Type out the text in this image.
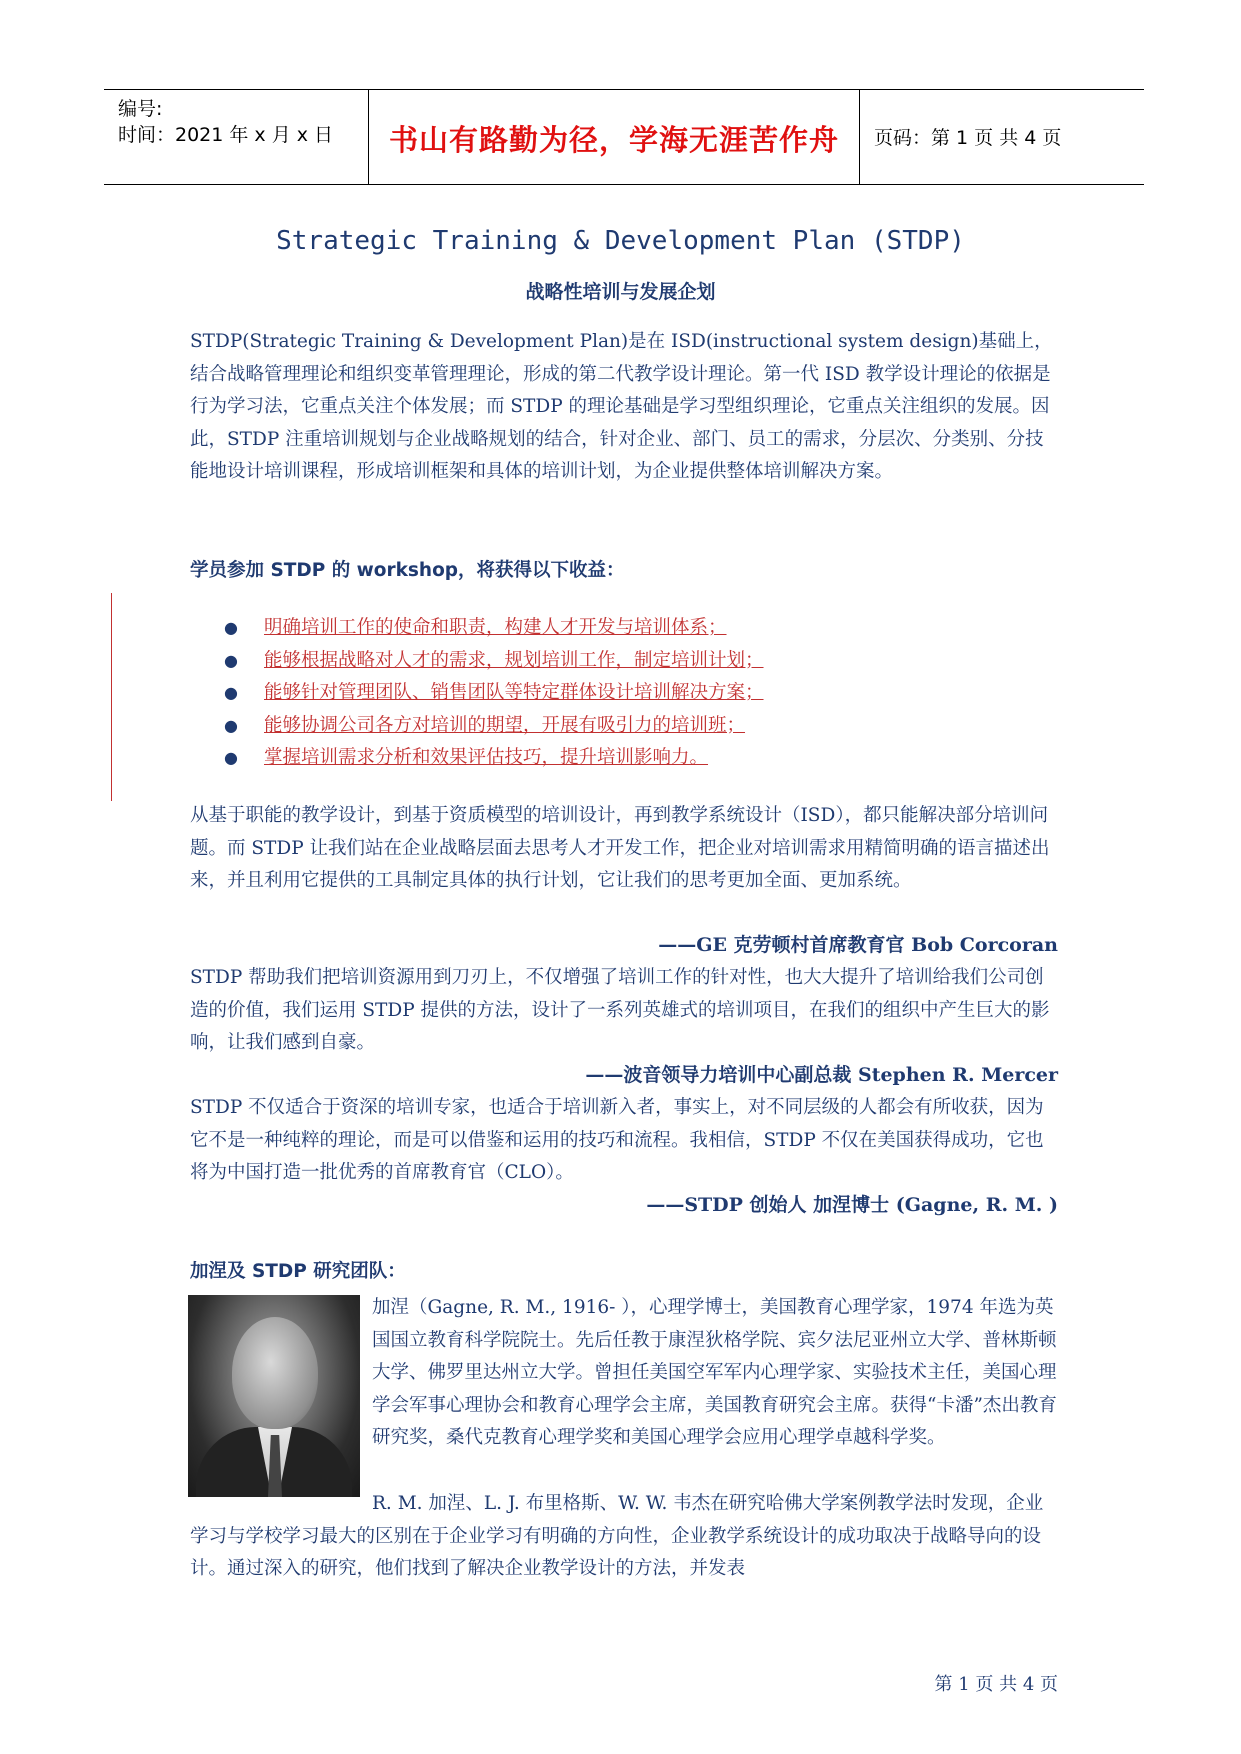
编号:
时间：2021 年 x 月 x 日	书山有路勤为径，学海无涯苦作舟	页码：第 1 页 共 4 页
Strategic Training & Development Plan (STDP)
战略性培训与发展企划

STDP(Strategic Training & Development Plan)是在 ISD(instructional system design)基础上，结合战略管理理论和组织变革管理理论，形成的第二代教学设计理论。第一代 ISD 教学设计理论的依据是行为学习法，它重点关注个体发展；而 STDP 的理论基础是学习型组织理论，它重点关注组织的发展。因此，STDP 注重培训规划与企业战略规划的结合，针对企业、部门、员工的需求，分层次、分类别、分技能地设计培训课程，形成培训框架和具体的培训计划，为企业提供整体培训解决方案。

学员参加 STDP 的 workshop，将获得以下收益：

● 明确培训工作的使命和职责，构建人才开发与培训体系；
● 能够根据战略对人才的需求，规划培训工作，制定培训计划；
● 能够针对管理团队、销售团队等特定群体设计培训解决方案；
● 能够协调公司各方对培训的期望，开展有吸引力的培训班；
● 掌握培训需求分析和效果评估技巧，提升培训影响力。

从基于职能的教学设计，到基于资质模型的培训设计，再到教学系统设计（ISD），都只能解决部分培训问题。而 STDP 让我们站在企业战略层面去思考人才开发工作，把企业对培训需求用精简明确的语言描述出来，并且利用它提供的工具制定具体的执行计划，它让我们的思考更加全面、更加系统。

——GE 克劳顿村首席教育官 Bob Corcoran

STDP 帮助我们把培训资源用到刀刃上，不仅增强了培训工作的针对性，也大大提升了培训给我们公司创造的价值，我们运用 STDP 提供的方法，设计了一系列英雄式的培训项目，在我们的组织中产生巨大的影响，让我们感到自豪。

——波音领导力培训中心副总裁 Stephen R. Mercer

STDP 不仅适合于资深的培训专家，也适合于培训新入者，事实上，对不同层级的人都会有所收获，因为它不是一种纯粹的理论，而是可以借鉴和运用的技巧和流程。我相信，STDP 不仅在美国获得成功，它也将为中国打造一批优秀的首席教育官（CLO）。

——STDP 创始人 加涅博士 (Gagne, R. M. )

加涅及 STDP 研究团队：

加涅（Gagne, R. M., 1916- ），心理学博士，美国教育心理学家，1974 年选为英国国立教育科学院院士。先后任教于康涅狄格学院、宾夕法尼亚州立大学、普林斯顿大学、佛罗里达州立大学。曾担任美国空军军内心理学家、实验技术主任，美国心理学会军事心理协会和教育心理学会主席，美国教育研究会主席。获得“卡潘”杰出教育研究奖，桑代克教育心理学奖和美国心理学会应用心理学卓越科学奖。

R. M. 加涅、L. J. 布里格斯、W. W. 韦杰在研究哈佛大学案例教学法时发现，企业学习与学校学习最大的区别在于企业学习有明确的方向性，企业教学系统设计的成功取决于战略导向的设计。通过深入的研究，他们找到了解决企业教学设计的方法，并发表

第 1 页 共 4 页
